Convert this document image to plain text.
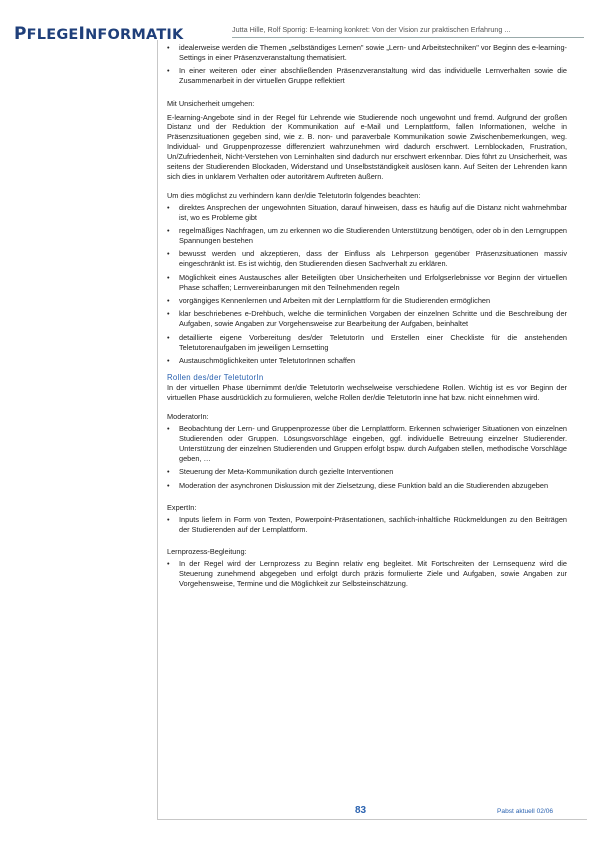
PFLEGEINFORMATIK	Jutta Hille, Rolf Sporrig: E-learning konkret: Von der Vision zur praktischen Erfahrung ...
• idealerweise werden die Themen „selbständiges Lernen" sowie „Lern- und Arbeitstechniken" vor Beginn des e-learning-Settings in einer Präsenzveranstaltung thematisiert.
• In einer weiteren oder einer abschließenden Präsenzveranstaltung wird das individuelle Lernverhalten sowie die Zusammenarbeit in der virtuellen Gruppe reflektiert

Mit Unsicherheit umgehen:

E-learning-Angebote sind in der Regel für Lehrende wie Studierende noch ungewohnt und fremd. Aufgrund der großen Distanz und der Reduktion der Kommunikation auf e-Mail und Lernplattform, fallen Informationen, welche in Präsenzsituationen gegeben sind, wie z. B. non- und paraverbale Kommunikation sowie Zwischenbemerkungen, weg. Individual- und Gruppenprozesse differenziert wahrzunehmen wird dadurch erschwert. Lernblockaden, Frustration, Un/Zufriedenheit, Nicht-Verstehen von Lerninhalten sind dadurch nur erschwert erkennbar. Dies führt zu Unsicherheit, was seitens der Studierenden Blockaden, Widerstand und Unselbstständigkeit auslösen kann. Auf Seiten der Lehrenden kann sich dies in unklarem Verhalten oder autoritärem Auftreten äußern.

Um dies möglichst zu verhindern kann der/die TeletutorIn folgendes beachten:

• direktes Ansprechen der ungewohnten Situation, darauf hinweisen, dass es häufig auf die Distanz nicht wahrnehmbar ist, wo es Probleme gibt
• regelmäßiges Nachfragen, um zu erkennen wo die Studierenden Unterstützung benötigen, oder ob in den Lerngruppen Spannungen bestehen
• bewusst werden und akzeptieren, dass der Einfluss als Lehrperson gegenüber Präsenzsituationen massiv eingeschränkt ist. Es ist wichtig, den Studierenden diesen Sachverhalt zu erklären.
• Möglichkeit eines Austausches aller Beteiligten über Unsicherheiten und Erfolgserlebnisse vor Beginn der virtuellen Phase schaffen; Lernvereinbarungen mit den Teilnehmenden regeln
• vorgängiges Kennenlernen und Arbeiten mit der Lernplattform für die Studierenden ermöglichen
• klar beschriebenes e-Drehbuch, welche die terminlichen Vorgaben der einzelnen Schritte und die Beschreibung der Aufgaben, sowie Angaben zur Vorgehensweise zur Bearbeitung der Aufgaben, beinhaltet
• detaillierte eigene Vorbereitung des/der TeletutorIn und Erstellen einer Checkliste für die anstehenden Teletutorenaufgaben im jeweiligen Lernsetting
• Austauschmöglichkeiten unter TeletutorInnen schaffen

Rollen des/der TeletutorIn

In der virtuellen Phase übernimmt der/die TeletutorIn wechselweise verschiedene Rollen. Wichtig ist es vor Beginn der virtuellen Phase ausdrücklich zu formulieren, welche Rollen der/die TeletutorIn inne hat bzw. nicht einnehmen wird.

ModeratorIn:

• Beobachtung der Lern- und Gruppenprozesse über die Lernplattform. Erkennen schwieriger Situationen von einzelnen Studierenden oder Gruppen. Lösungsvorschläge eingeben, ggf. individuelle Betreuung einzelner Studierender. Unterstützung der einzelnen Studierenden und Gruppen erfolgt bspw. durch Aufgaben stellen, methodische Vorschläge geben, …
• Steuerung der Meta-Kommunikation durch gezielte Interventionen
• Moderation der asynchronen Diskussion mit der Zielsetzung, diese Funktion bald an die Studierenden abzugeben

ExpertIn:

• Inputs liefern in Form von Texten, Powerpoint-Präsentationen, sachlich-inhaltliche Rückmeldungen zu den Beiträgen der Studierenden auf der Lernplattform.

Lernprozess-Begleitung:

• In der Regel wird der Lernprozess zu Beginn relativ eng begleitet. Mit Fortschreiten der Lernsequenz wird die Steuerung zunehmend abgegeben und erfolgt durch präzis formulierte Ziele und Aufgaben, sowie Angaben zur Vorgehensweise, Termine und die Möglichkeit zur Selbsteinschätzung.
83	Pabst aktuell 02/06
